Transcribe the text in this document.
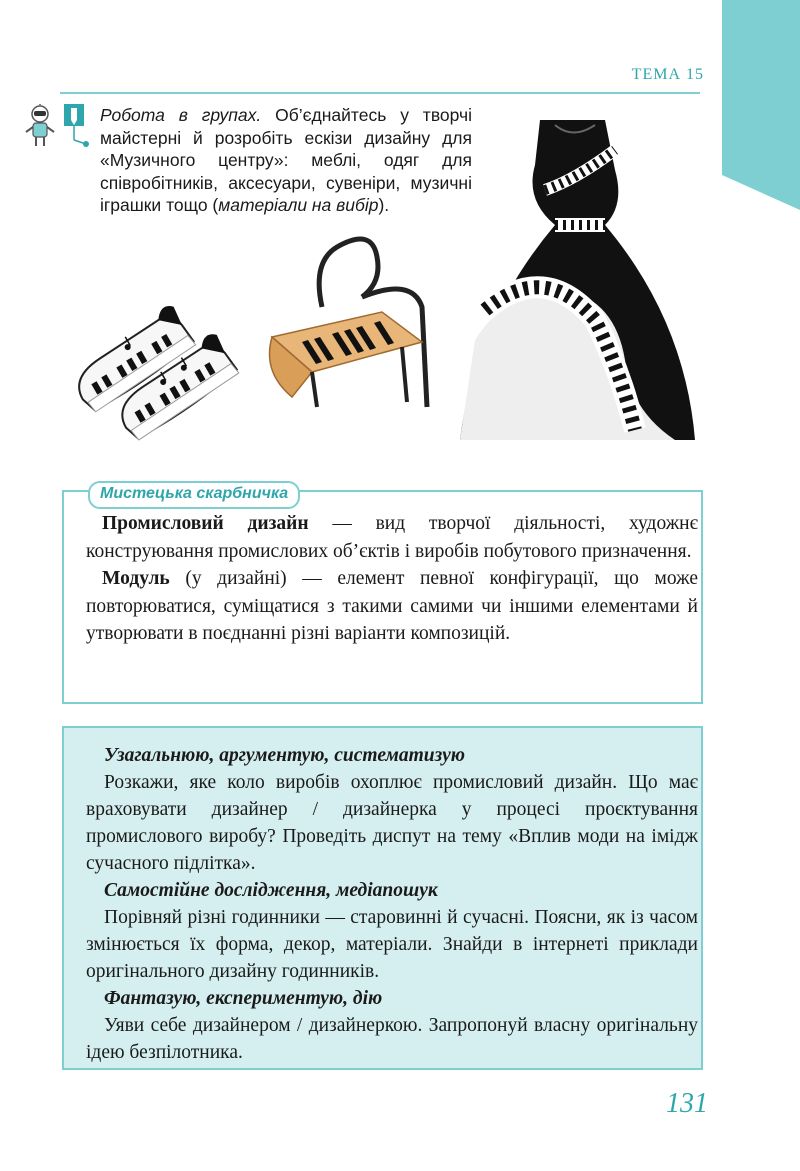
ТЕМА 15
Робота в групах. Об’єднайтесь у творчі майстерні й розробіть ескізи дизайну для «Музичного центру»: меблі, одяг для співробітників, аксесуари, сувеніри, музичні іграшки тощо (матеріали на вибір).
Мистецька скарбничка

Промисловий дизайн — вид творчої діяльності, художнє конструювання промислових об’єктів і виробів побутового призначення.

Модуль (у дизайні) — елемент певної конфігурації, що може повторюватися, суміщатися з такими самими чи іншими елементами й утворювати в поєднанні різні варіанти композицій.

Узагальнюю, аргументую, систематизую

Розкажи, яке коло виробів охоплює промисловий дизайн. Що має враховувати дизайнер / дизайнерка у процесі проєктування промислового виробу? Проведіть диспут на тему «Вплив моди на імідж сучасного підлітка».

Самостійне дослідження, медіапошук

Порівняй різні годинники — старовинні й сучасні. Поясни, як із часом змінюється їх форма, декор, матеріали. Знайди в інтернеті приклади оригінального дизайну годинників.

Фантазую, експериментую, дію

Уяви себе дизайнером / дизайнеркою. Запропонуй власну оригінальну ідею безпілотника.

131
